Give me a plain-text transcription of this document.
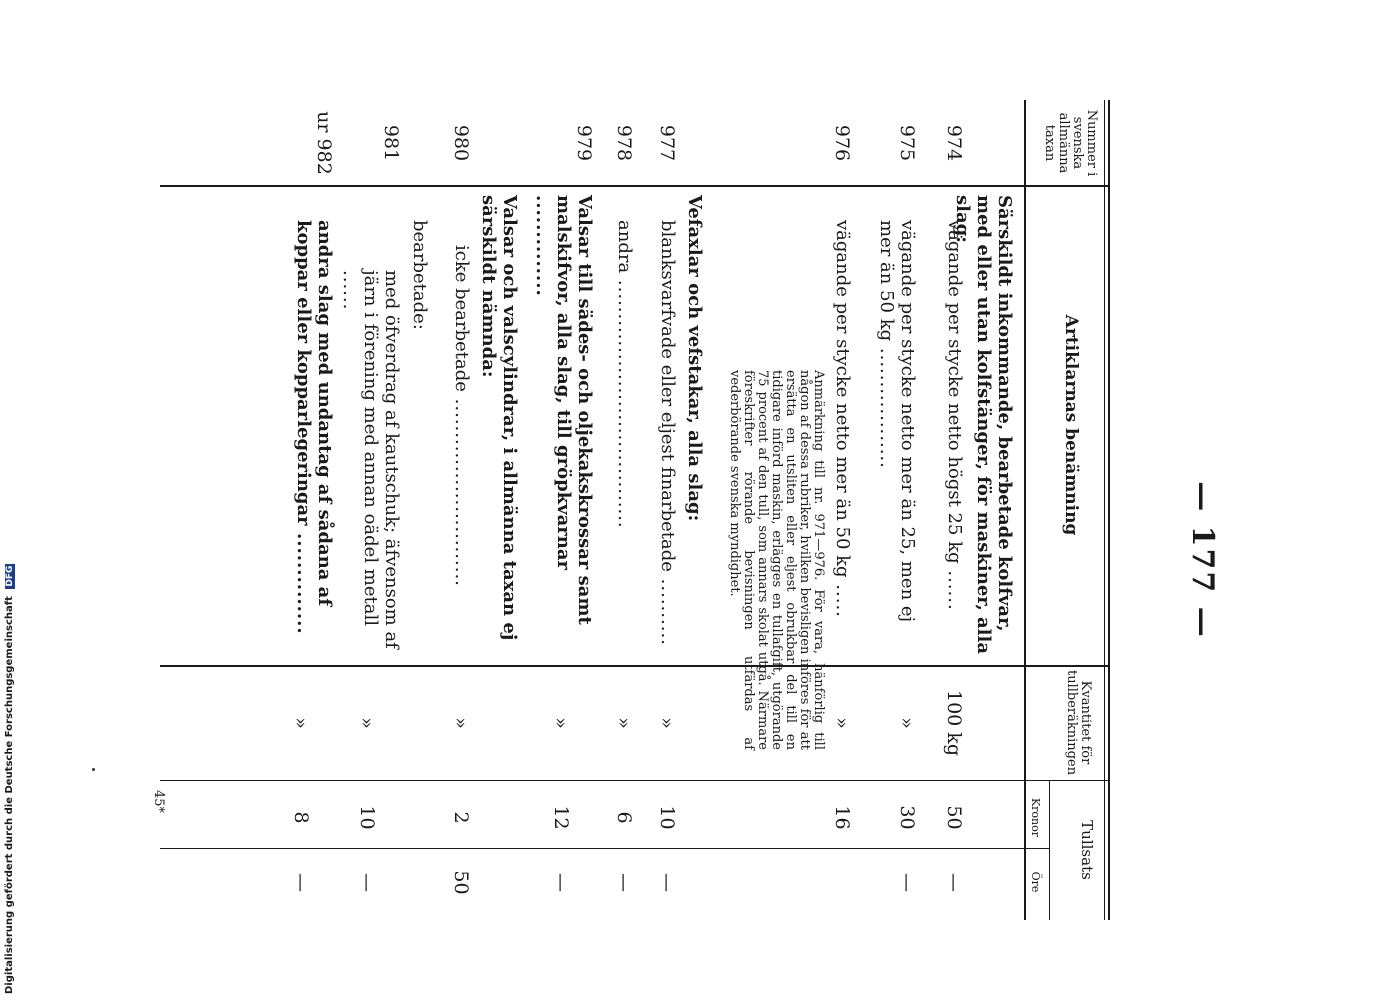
— 177 —
Nummer i svenska allmänna taxan
Artiklarnas benämning
Kvantitet för tullberäkningen
Tullsats
Kronor
Öre
Särskildt inkommande, bearbetade kolfvar, med eller utan kolfstänger, för maskiner, alla slag:
974
vägande per stycke netto högst 25 kg ......
100 kg
50
—
975
vägande per stycke netto mer än 25, men ej mer än 50 kg ..................
»
30
—
976
vägande per stycke netto mer än 50 kg .....
»
16
Anmärkning till nr. 971—976. För vara, hänförlig till någon af dessa rubriker, hvilken bevisligen införes för att ersätta en utsliten eller eljest obrukbar del till en tidigare införd maskin, erlägges en tullafgift, utgörande 75 procent af den tull, som annars skolat utgå. Närmare föreskrifter rörande bevisningen utfärdas af vederbörande svenska myndighet.
Vefaxlar och vefstakar, alla slag:
977
blanksvarfvade eller eljest finarbetade ..........
»
10
—
978
andra .....................................
»
6
—
979
Valsar till sädes- och oljekakskrossar samt malskifvor, alla slag, till gröpkvarnar ..............
»
12
—
Valsar och valscylindrar, i allmänna taxan ej särskildt nämnda:
980
icke bearbetade ............................
»
2
50
bearbetade:
981
med öfverdrag af kautschuk; äfvensom af järn i förening med annan oädel metall ......
»
10
—
ur 982
andra slag med undantag af sådana af koppar eller kopparlegeringar ..............
»
8
—
45*
Digitalisierung gefördert durch die Deutsche Forschungsgemeinschaft DFG
